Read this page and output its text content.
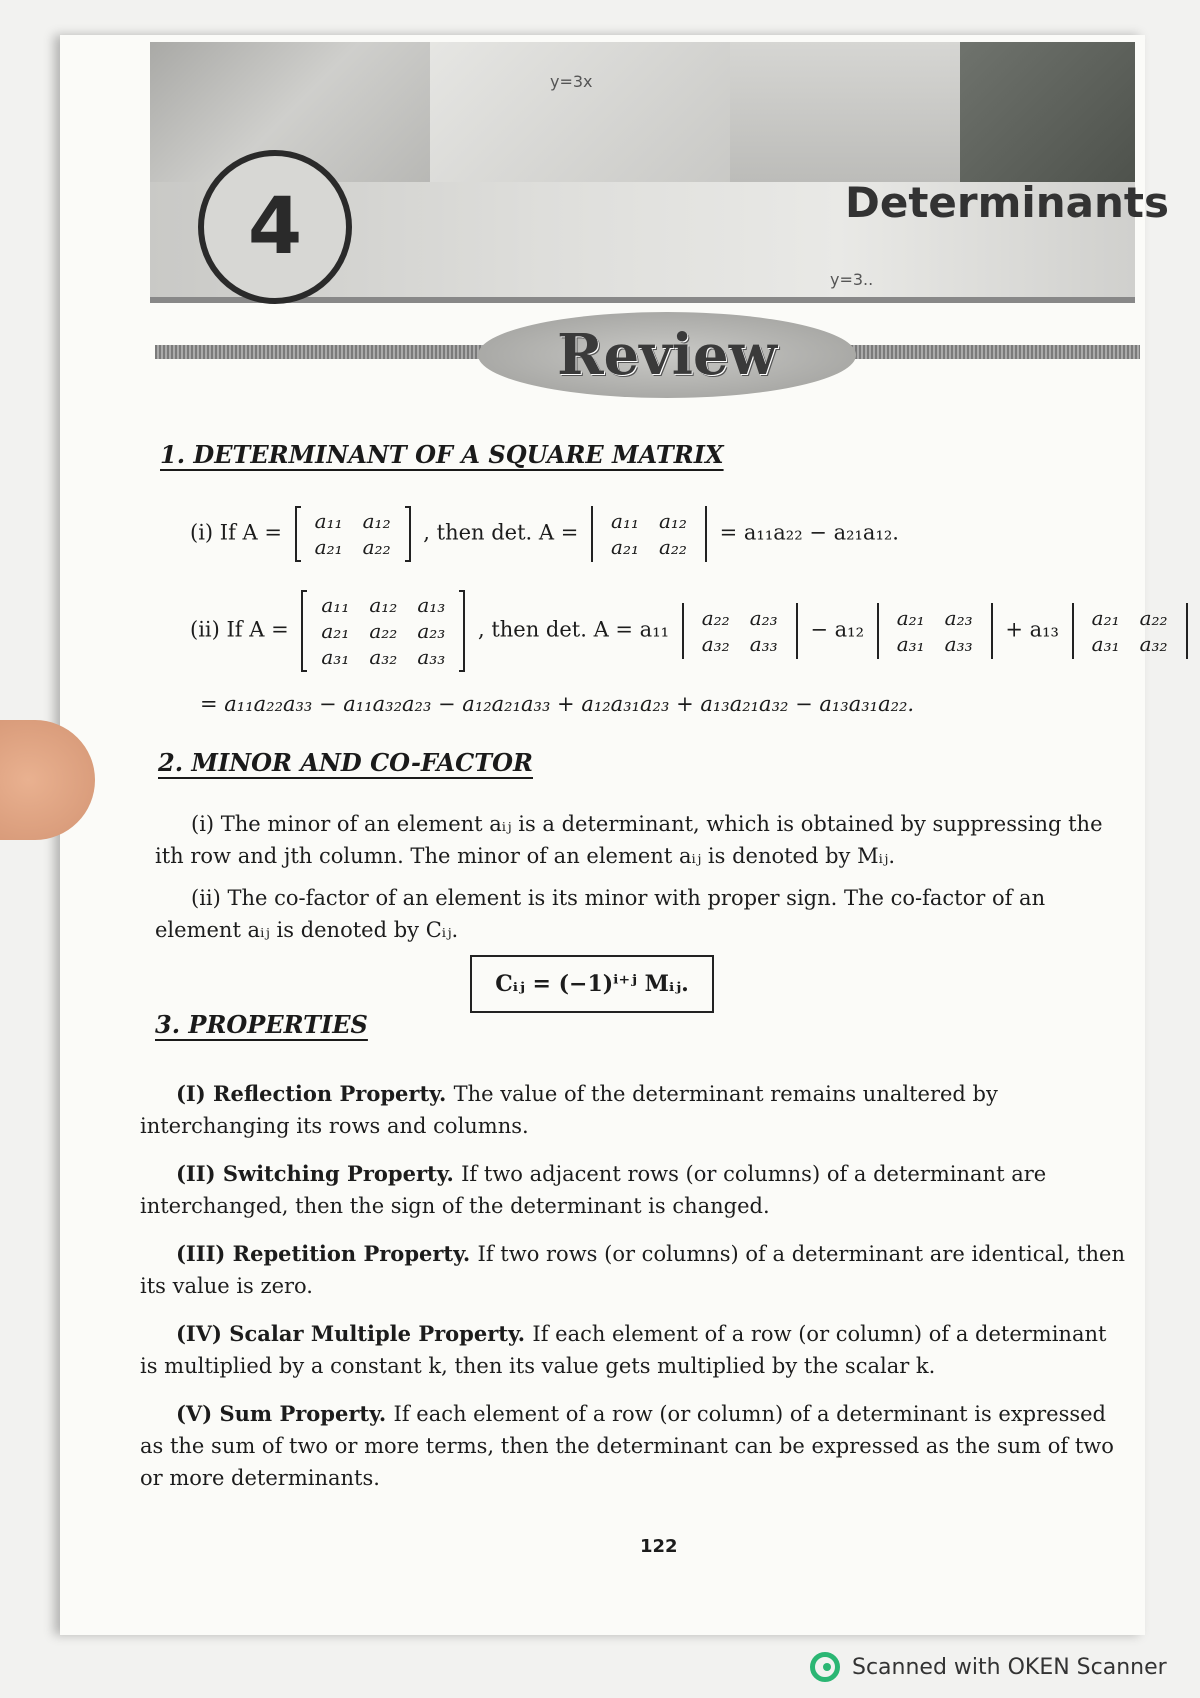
y=3x
y=3..
4	Determinants
Review
1. DETERMINANT OF A SQUARE MATRIX
(i) If A = a₁₁	a₁₂
a₂₁	a₂₂
, then det. A = a₁₁	a₁₂
a₂₁	a₂₂
= a₁₁a₂₂ − a₂₁a₁₂.
(ii) If A =
a₁₁	a₁₂	a₁₃
a₂₁	a₂₂	a₂₃
a₃₁	a₃₂	a₃₃
, then det. A = a₁₁ a₂₂	a₂₃
a₃₂	a₃₃
− a₁₂ a₂₁	a₂₃
a₃₁	a₃₃
+ a₁₃ a₂₁	a₂₂
a₃₁	a₃₂
= a₁₁a₂₂a₃₃ − a₁₁a₃₂a₂₃ − a₁₂a₂₁a₃₃ + a₁₂a₃₁a₂₃ + a₁₃a₂₁a₃₂ − a₁₃a₃₁a₂₂.
2. MINOR AND CO-FACTOR
(i) The minor of an element aᵢⱼ is a determinant, which is obtained by suppressing the ith row and jth column. The minor of an element aᵢⱼ is denoted by Mᵢⱼ.
(ii) The co-factor of an element is its minor with proper sign. The co-factor of an element aᵢⱼ is denoted by Cᵢⱼ.
Cᵢⱼ = (−1)ⁱ⁺ʲ Mᵢⱼ.
3. PROPERTIES
(I) Reflection Property. The value of the determinant remains unaltered by interchanging its rows and columns.
(II) Switching Property. If two adjacent rows (or columns) of a determinant are interchanged, then the sign of the determinant is changed.
(III) Repetition Property. If two rows (or columns) of a determinant are identical, then its value is zero.
(IV) Scalar Multiple Property. If each element of a row (or column) of a determinant is multiplied by a constant k, then its value gets multiplied by the scalar k.
(V) Sum Property. If each element of a row (or column) of a determinant is expressed as the sum of two or more terms, then the determinant can be expressed as the sum of two or more determinants.
122
Scanned with OKEN Scanner
